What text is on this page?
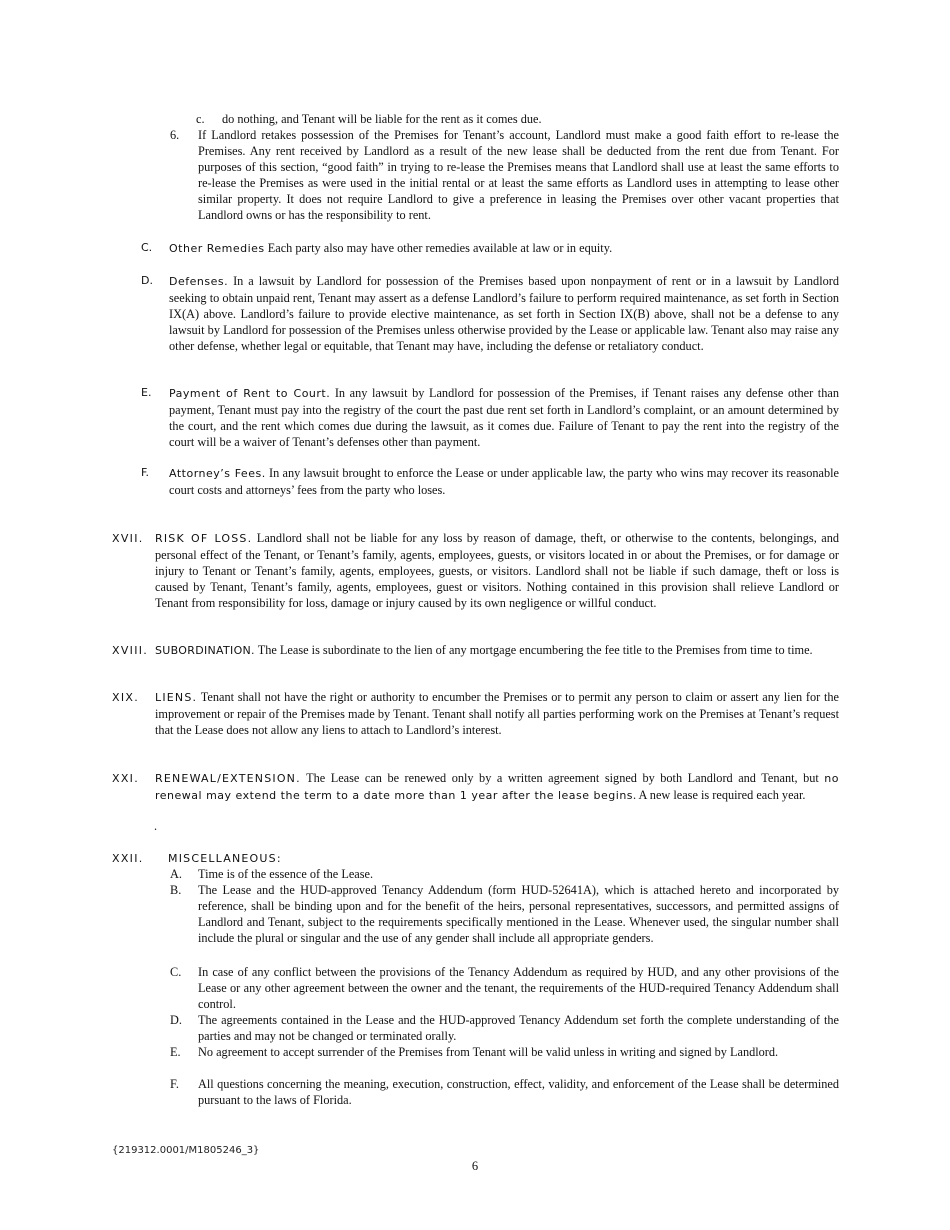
c. do nothing, and Tenant will be liable for the rent as it comes due.
6. If Landlord retakes possession of the Premises for Tenant’s account, Landlord must make a good faith effort to re-lease the Premises. Any rent received by Landlord as a result of the new lease shall be deducted from the rent due from Tenant. For purposes of this section, “good faith” in trying to re-lease the Premises means that Landlord shall use at least the same efforts to re-lease the Premises as were used in the initial rental or at least the same efforts as Landlord uses in attempting to lease other similar property. It does not require Landlord to give a preference in leasing the Premises over other vacant properties that Landlord owns or has the responsibility to rent.
C. Other Remedies Each party also may have other remedies available at law or in equity.
D. Defenses. In a lawsuit by Landlord for possession of the Premises based upon nonpayment of rent or in a lawsuit by Landlord seeking to obtain unpaid rent, Tenant may assert as a defense Landlord’s failure to perform required maintenance, as set forth in Section IX(A) above. Landlord’s failure to provide elective maintenance, as set forth in Section IX(B) above, shall not be a defense to any lawsuit by Landlord for possession of the Premises unless otherwise provided by the Lease or applicable law. Tenant also may raise any other defense, whether legal or equitable, that Tenant may have, including the defense or retaliatory conduct.
E. Payment of Rent to Court. In any lawsuit by Landlord for possession of the Premises, if Tenant raises any defense other than payment, Tenant must pay into the registry of the court the past due rent set forth in Landlord’s complaint, or an amount determined by the court, and the rent which comes due during the lawsuit, as it comes due. Failure of Tenant to pay the rent into the registry of the court will be a waiver of Tenant’s defenses other than payment.
F. Attorney’s Fees. In any lawsuit brought to enforce the Lease or under applicable law, the party who wins may recover its reasonable court costs and attorneys’ fees from the party who loses.
XVII. RISK OF LOSS. Landlord shall not be liable for any loss by reason of damage, theft, or otherwise to the contents, belongings, and personal effect of the Tenant, or Tenant’s family, agents, employees, guests, or visitors located in or about the Premises, or for damage or injury to Tenant or Tenant’s family, agents, employees, guests, or visitors. Landlord shall not be liable if such damage, theft or loss is caused by Tenant, Tenant’s family, agents, employees, guest or visitors. Nothing contained in this provision shall relieve Landlord or Tenant from responsibility for loss, damage or injury caused by its own negligence or willful conduct.
XVIII. SUBORDINATION. The Lease is subordinate to the lien of any mortgage encumbering the fee title to the Premises from time to time.
XIX. LIENS. Tenant shall not have the right or authority to encumber the Premises or to permit any person to claim or assert any lien for the improvement or repair of the Premises made by Tenant. Tenant shall notify all parties performing work on the Premises at Tenant’s request that the Lease does not allow any liens to attach to Landlord’s interest.
XXI. RENEWAL/EXTENSION. The Lease can be renewed only by a written agreement signed by both Landlord and Tenant, but no renewal may extend the term to a date more than 1 year after the lease begins. A new lease is required each year.
.
XXII. MISCELLANEOUS:
A. Time is of the essence of the Lease.
B. The Lease and the HUD-approved Tenancy Addendum (form HUD-52641A), which is attached hereto and incorporated by reference, shall be binding upon and for the benefit of the heirs, personal representatives, successors, and permitted assigns of Landlord and Tenant, subject to the requirements specifically mentioned in the Lease. Whenever used, the singular number shall include the plural or singular and the use of any gender shall include all appropriate genders.
C. In case of any conflict between the provisions of the Tenancy Addendum as required by HUD, and any other provisions of the Lease or any other agreement between the owner and the tenant, the requirements of the HUD-required Tenancy Addendum shall control.
D. The agreements contained in the Lease and the HUD-approved Tenancy Addendum set forth the complete understanding of the parties and may not be changed or terminated orally.
E. No agreement to accept surrender of the Premises from Tenant will be valid unless in writing and signed by Landlord.
F. All questions concerning the meaning, execution, construction, effect, validity, and enforcement of the Lease shall be determined pursuant to the laws of Florida.
{219312.0001/M1805246_3}
6
